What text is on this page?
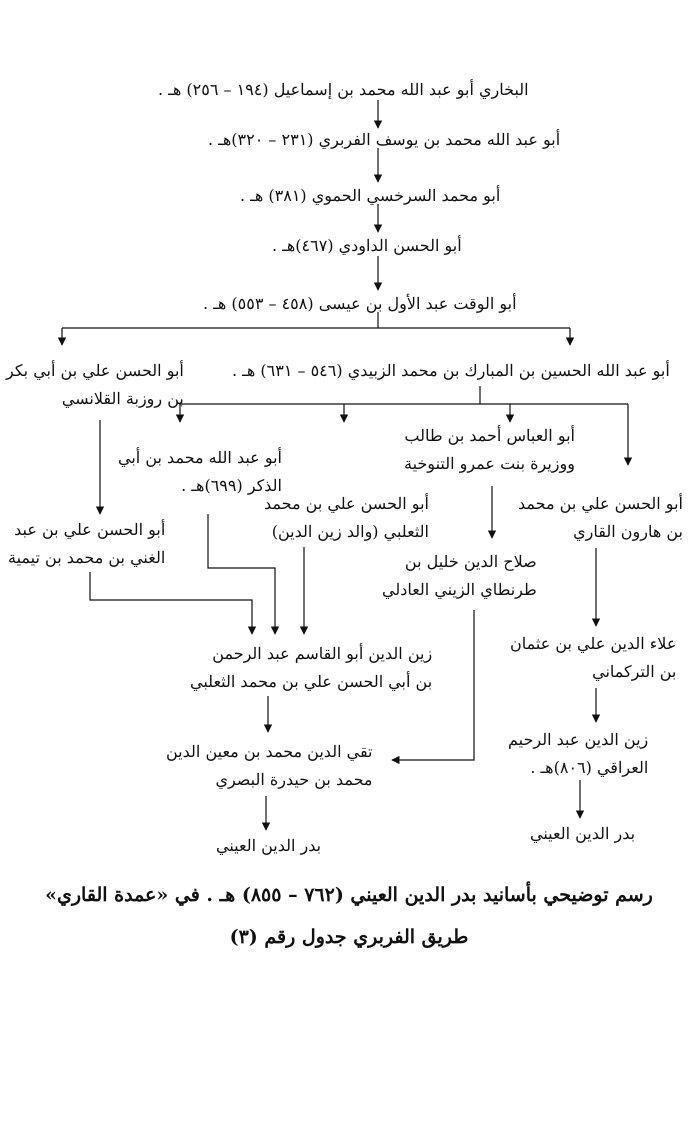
البخاري أبو عبد الله محمد بن إسماعيل (١٩٤ – ٢٥٦) هـ .
أبو عبد الله محمد بن يوسف الفربري (٢٣١ – ٣٢٠)هـ .
أبو محمد السرخسي الحموي (٣٨١) هـ .
أبو الحسن الداودي (٤٦٧)هـ .
أبو الوقت عبد الأول بن عيسى (٤٥٨ – ٥٥٣) هـ .
أبو عبد الله الحسين بن المبارك بن محمد الزبيدي (٥٤٦ – ٦٣١) هـ .
أبو الحسن علي بن أبي بكر
بن روزبة القلانسي
أبو العباس أحمد بن طالب
ووزيرة بنت عمرو التنوخية
أبو عبد الله محمد بن أبي
الذكر (٦٩٩)هـ .
أبو الحسن علي بن محمد
الثعلبي (والد زين الدين)
أبو الحسن علي بن محمد
بن هارون القاري
أبو الحسن علي بن عبد
الغني بن محمد بن تيمية	صلاح الدين خليل بن
طرنطاي الزيني العادلي
علاء الدين علي بن عثمان
بن التركماني
زين الدين أبو القاسم عبد الرحمن
بن أبي الحسن علي بن محمد الثعلبي
زين الدين عبد الرحيم
العراقي (٨٠٦)هـ .
تقي الدين محمد بن معين الدين
محمد بن حيدرة البصري
بدر الدين العيني
بدر الدين العيني
رسم توضيحي بأسانيد بدر الدين العيني (٧٦٢ – ٨٥٥) هـ . في «عمدة القاري»
طريق الفربري جدول رقم (٣)
